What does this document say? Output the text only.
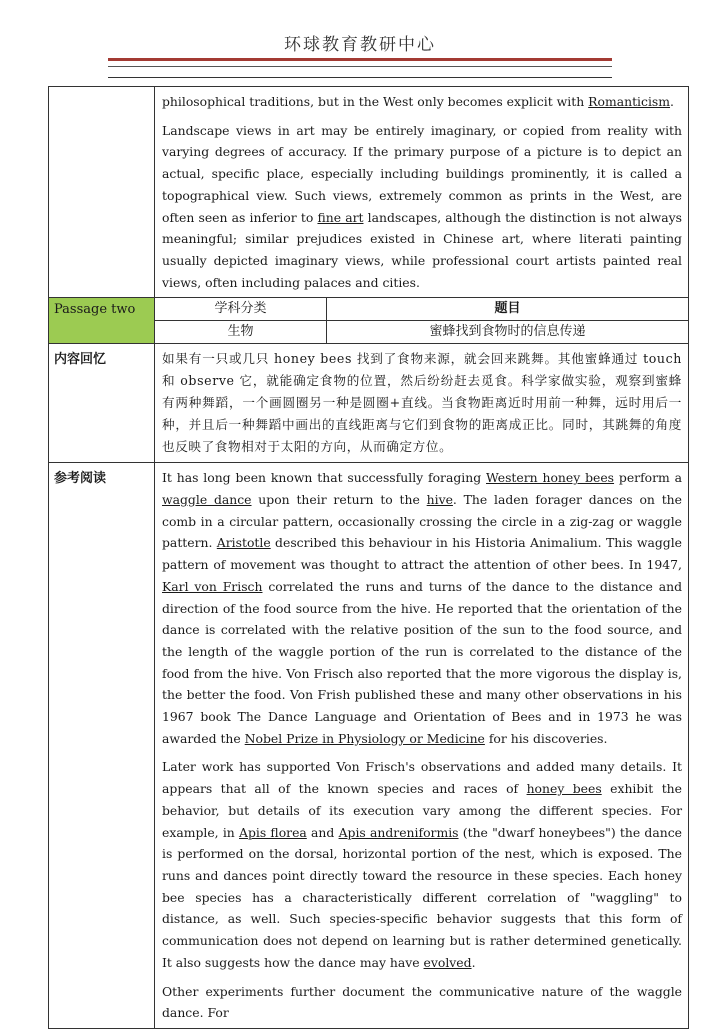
环球教育教研中心

philosophical traditions, but in the West only becomes explicit with Romanticism.

Landscape views in art may be entirely imaginary, or copied from reality with varying degrees of accuracy. If the primary purpose of a picture is to depict an actual, specific place, especially including buildings prominently, it is called a topographical view. Such views, extremely common as prints in the West, are often seen as inferior to fine art landscapes, although the distinction is not always meaningful; similar prejudices existed in Chinese art, where literati painting usually depicted imaginary views, while professional court artists painted real views, often including palaces and cities.

Passage two	学科分类	题目
生物	蜜蜂找到食物时的信息传递
内容回忆	如果有一只或几只 honey bees 找到了食物来源，就会回来跳舞。其他蜜蜂通过 touch 和 observe 它，就能确定食物的位置，然后纷纷赶去觅食。科学家做实验，观察到蜜蜂有两种舞蹈，一个画圆圈另一种是圆圈+直线。当食物距离近时用前一种舞，远时用后一种，并且后一种舞蹈中画出的直线距离与它们到食物的距离成正比。同时，其跳舞的角度也反映了食物相对于太阳的方向，从而确定方位。
参考阅读	It has long been known that successfully foraging Western honey bees perform a waggle dance upon their return to the hive. The laden forager dances on the comb in a circular pattern, occasionally crossing the circle in a zig-zag or waggle pattern. Aristotle described this behaviour in his Historia Animalium. This waggle pattern of movement was thought to attract the attention of other bees. In 1947, Karl von Frisch correlated the runs and turns of the dance to the distance and direction of the food source from the hive. He reported that the orientation of the dance is correlated with the relative position of the sun to the food source, and the length of the waggle portion of the run is correlated to the distance of the food from the hive. Von Frisch also reported that the more vigorous the display is, the better the food. Von Frish published these and many other observations in his 1967 book The Dance Language and Orientation of Bees and in 1973 he was awarded the Nobel Prize in Physiology or Medicine for his discoveries.

Later work has supported Von Frisch's observations and added many details. It appears that all of the known species and races of honey bees exhibit the behavior, but details of its execution vary among the different species. For example, in Apis florea and Apis andreniformis (the "dwarf honeybees") the dance is performed on the dorsal, horizontal portion of the nest, which is exposed. The runs and dances point directly toward the resource in these species. Each honey bee species has a characteristically different correlation of "waggling" to distance, as well. Such species-specific behavior suggests that this form of communication does not depend on learning but is rather determined genetically. It also suggests how the dance may have evolved.

Other experiments further document the communicative nature of the waggle dance. For
